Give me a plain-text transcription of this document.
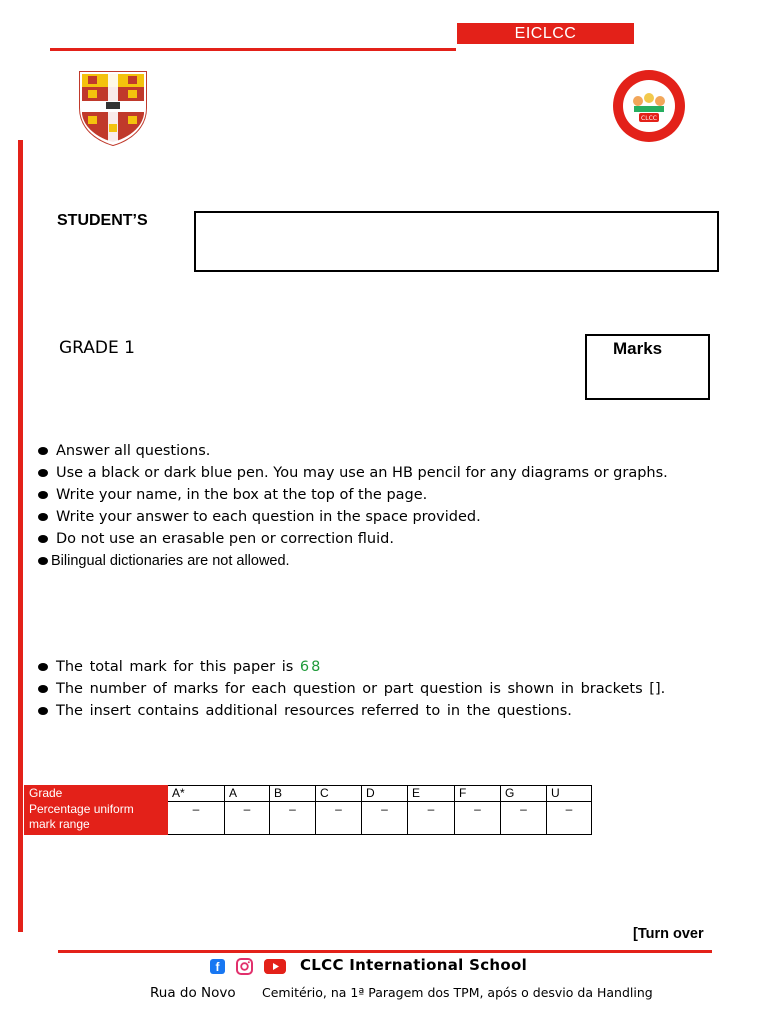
EICLCC
CLCC
STUDENT’S
GRADE 1	Marks
Answer all questions.
Use a black or dark blue pen. You may use an HB pencil for any diagrams or graphs.
Write your name, in the box at the top of the page.
Write your answer to each question in the space provided.
Do not use an erasable pen or correction fluid.
Bilingual dictionaries are not allowed.
The total mark for this paper is 68
The number of marks for each question or part question is shown in brackets [].
The insert contains additional resources referred to in the questions.
Grade	A*	A	B	C	D	E	F	G	U
Percentage uniform mark range	–	–	–	–	–	–	–	–	–
[Turn over
f	CLCC International School
Rua do Novo Cemitério, na 1ª Paragem dos TPM, após o desvio da Handling
